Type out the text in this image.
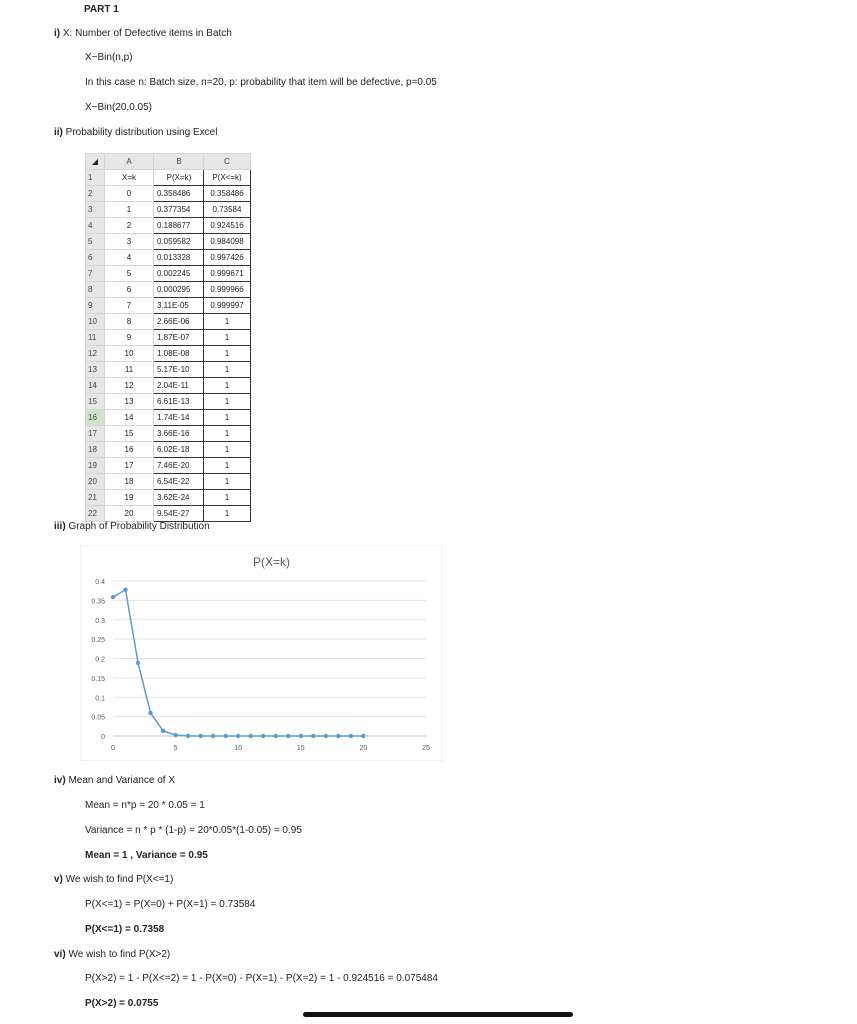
PART 1
i) X: Number of Defective items in Batch
X~Bin(n,p)
In this case n: Batch size, n=20, p: probability that item will be defective, p=0.05
X~Bin(20,0.05)
ii) Probability distribution using Excel
◢	A	B	C
1	X=k	P(X=k)	P(X<=k)
2	0	0.358486	0.358486
3	1	0.377354	0.73584
4	2	0.188677	0.924516
5	3	0.059582	0.984098
6	4	0.013328	0.997426
7	5	0.002245	0.999671
8	6	0.000295	0.999966
9	7	3.11E-05	0.999997
10	8	2.66E-06	1
11	9	1.87E-07	1
12	10	1.08E-08	1
13	11	5.17E-10	1
14	12	2.04E-11	1
15	13	6.61E-13	1
16	14	1.74E-14	1
17	15	3.66E-16	1
18	16	6.02E-18	1
19	17	7.46E-20	1
20	18	6.54E-22	1
21	19	3.62E-24	1
22	20	9.54E-27	1
iii) Graph of Probability Distribution
P(X=k)
0
0.05
0.1
0.15
0.2
0.25
0.3
0.35
0.4
0	5	10	15	20	25
iv) Mean and Variance of X
Mean = n*p = 20 * 0.05 = 1
Variance = n * p * (1-p) = 20*0.05*(1-0.05) = 0.95
Mean = 1 , Variance = 0.95
v) We wish to find P(X<=1)
P(X<=1) = P(X=0) + P(X=1) = 0.73584
P(X<=1) = 0.7358
vi) We wish to find P(X>2)
P(X>2) = 1 - P(X<=2) = 1 - P(X=0) - P(X=1) - P(X=2) = 1 - 0.924516 = 0.075484
P(X>2) = 0.0755
